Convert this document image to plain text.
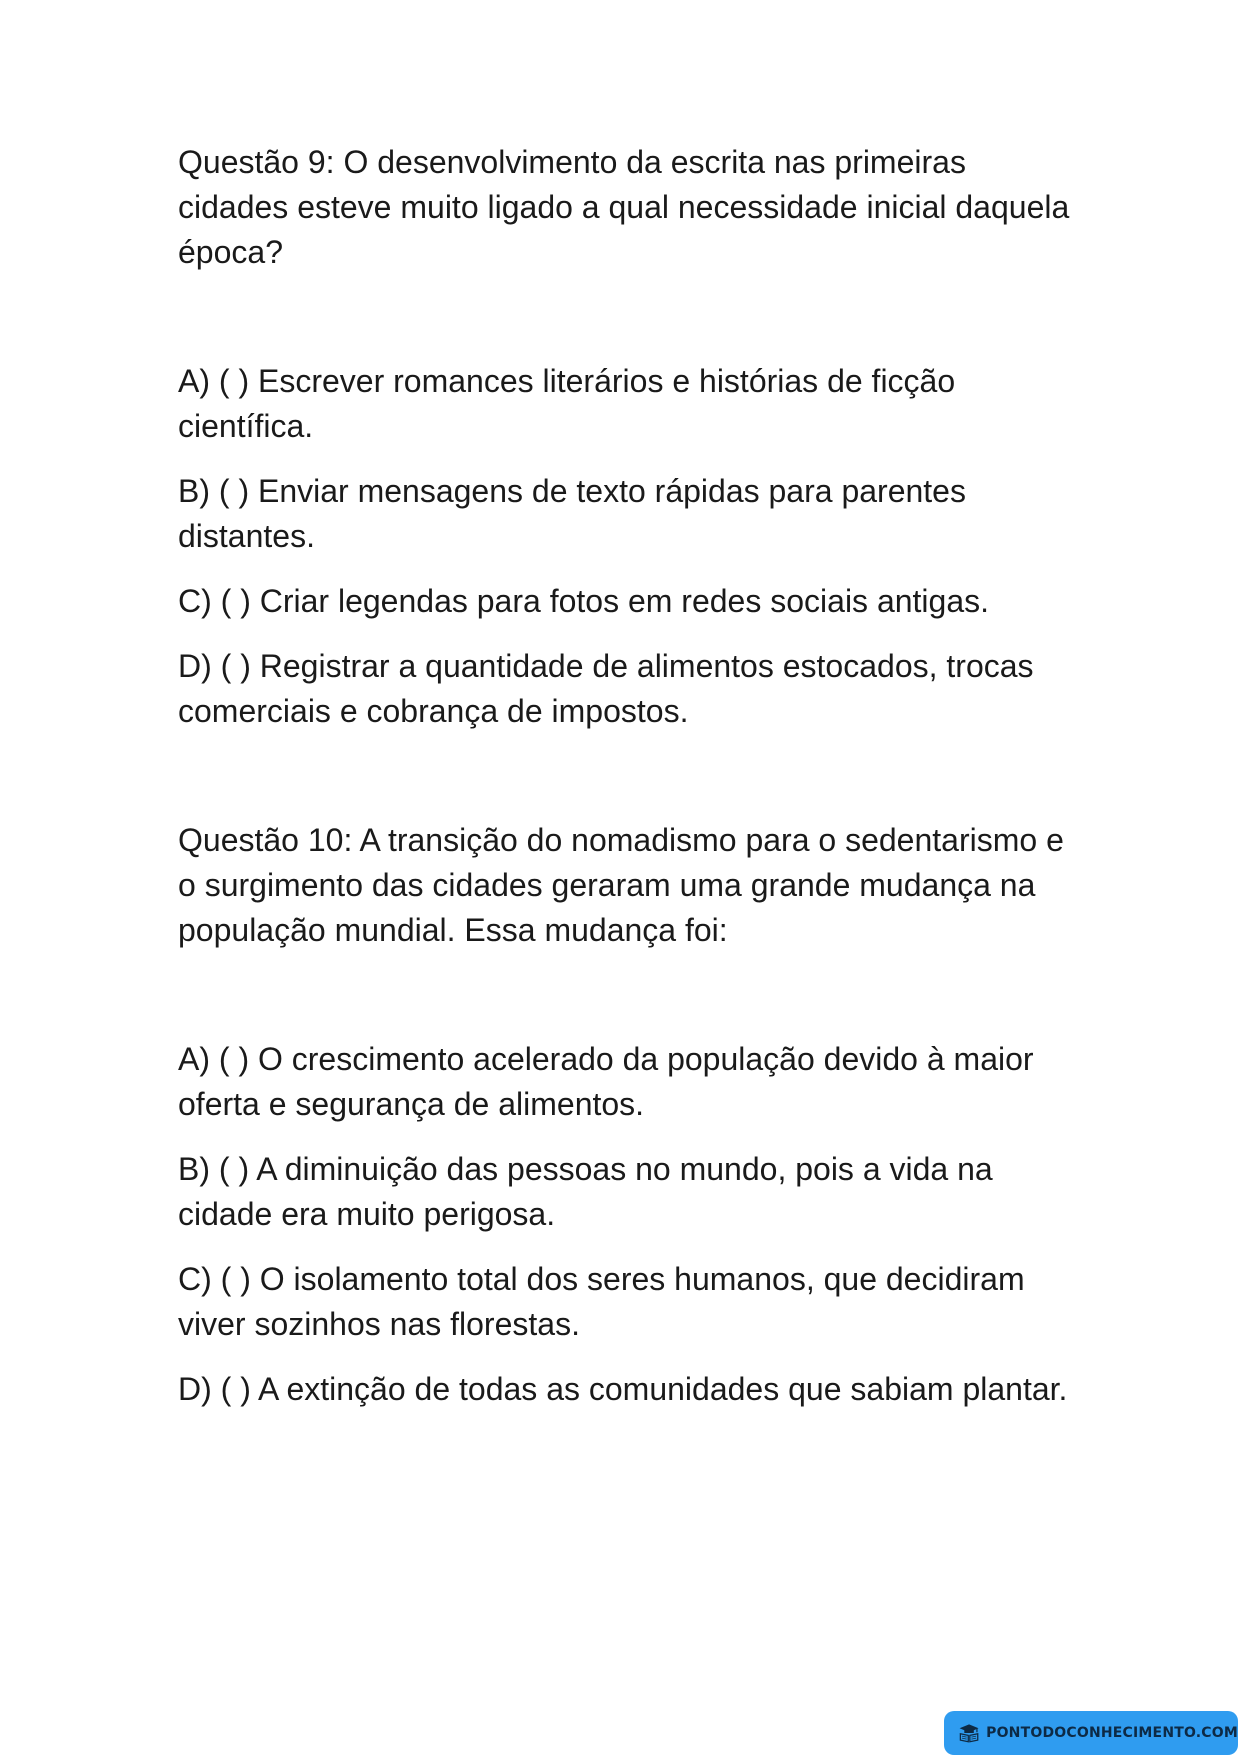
Questão 9: O desenvolvimento da escrita nas primeiras cidades esteve muito ligado a qual necessidade inicial daquela época?

A) ( ) Escrever romances literários e histórias de ficção científica.

B) ( ) Enviar mensagens de texto rápidas para parentes distantes.

C) ( ) Criar legendas para fotos em redes sociais antigas.

D) ( ) Registrar a quantidade de alimentos estocados, trocas comerciais e cobrança de impostos.

Questão 10: A transição do nomadismo para o sedentarismo e o surgimento das cidades geraram uma grande mudança na população mundial. Essa mudança foi:

A) ( ) O crescimento acelerado da população devido à maior oferta e segurança de alimentos.

B) ( ) A diminuição das pessoas no mundo, pois a vida na cidade era muito perigosa.

C) ( ) O isolamento total dos seres humanos, que decidiram viver sozinhos nas florestas.

D) ( ) A extinção de todas as comunidades que sabiam plantar.

PONTODOCONHECIMENTO.COM
